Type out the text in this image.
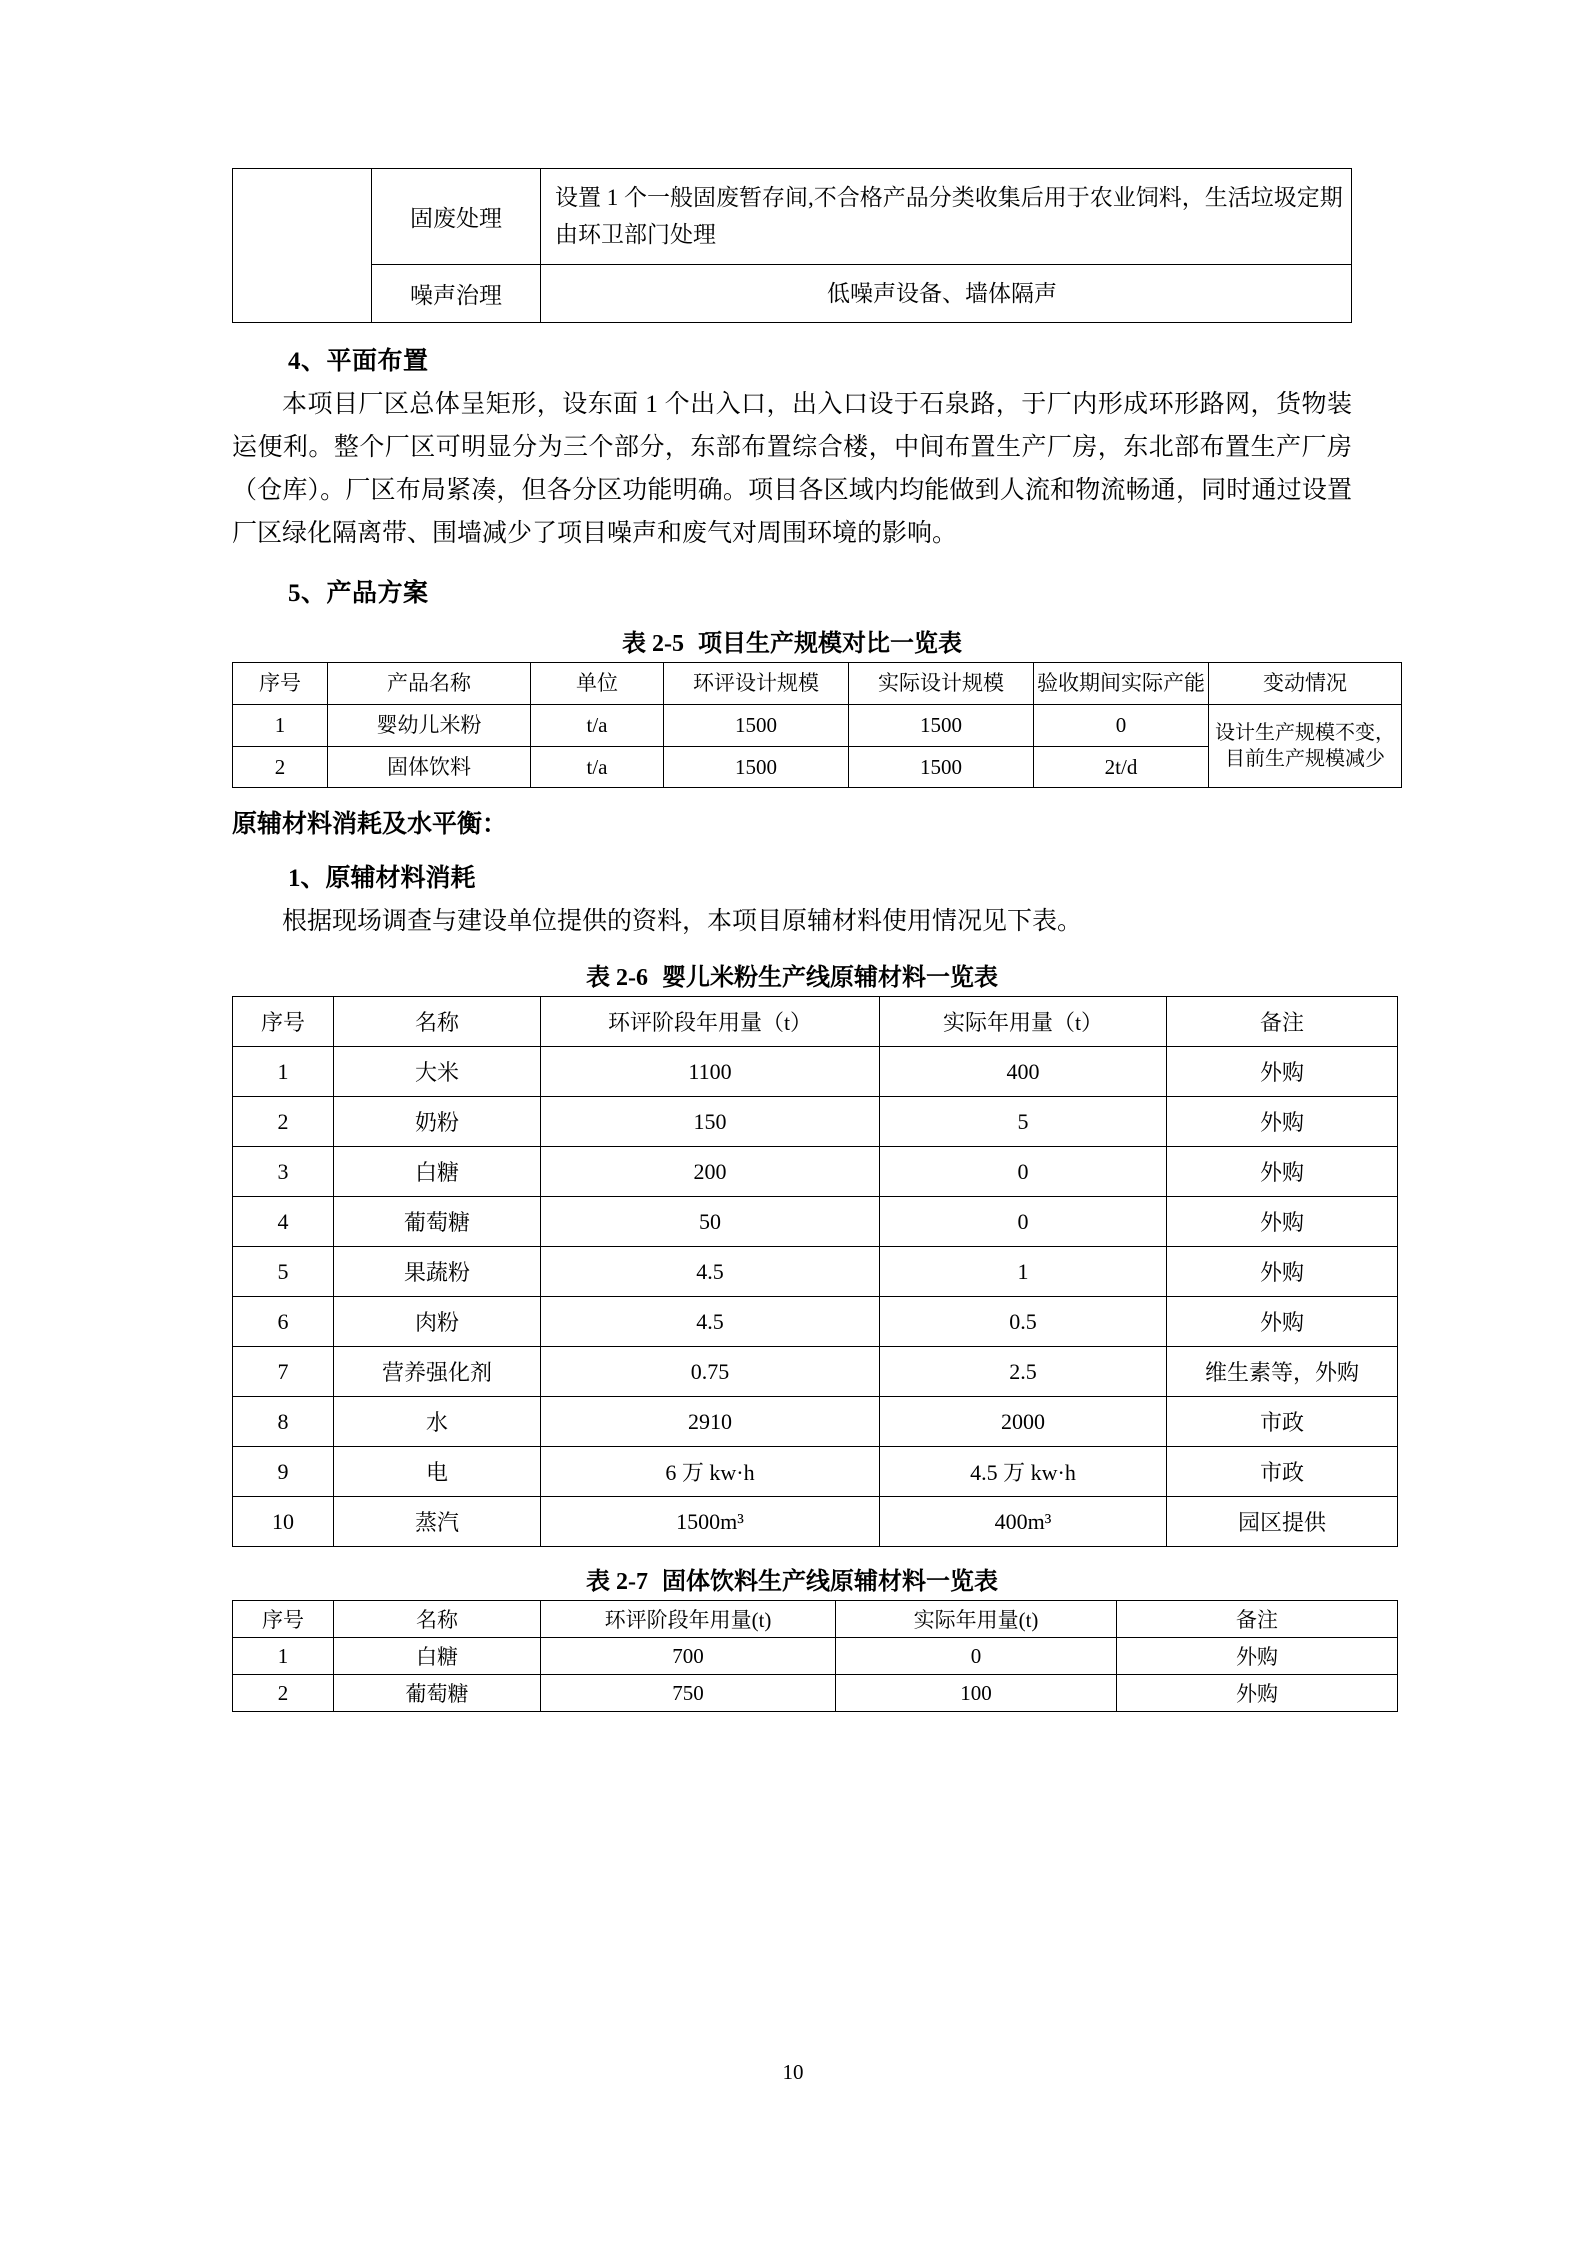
	固废处理	设置 1 个一般固废暂存间,不合格产品分类收集后用于农业饲料，生活垃圾定期由环卫部门处理
	噪声治理	低噪声设备、墙体隔声
4、平面布置

本项目厂区总体呈矩形，设东面 1 个出入口，出入口设于石泉路，于厂内形成环形路网，货物装运便利。整个厂区可明显分为三个部分，东部布置综合楼，中间布置生产厂房，东北部布置生产厂房（仓库）。厂区布局紧凑，但各分区功能明确。项目各区域内均能做到人流和物流畅通，同时通过设置厂区绿化隔离带、围墙减少了项目噪声和废气对周围环境的影响。

5、产品方案
表 2-5 项目生产规模对比一览表
序号	产品名称	单位	环评设计规模	实际设计规模	验收期间实际产能	变动情况
1	婴幼儿米粉	t/a	1500	1500	0	设计生产规模不变，目前生产规模减少
2	固体饮料	t/a	1500	1500	2t/d	
原辅材料消耗及水平衡：
1、原辅材料消耗

根据现场调查与建设单位提供的资料，本项目原辅材料使用情况见下表。

表 2-6 婴儿米粉生产线原辅材料一览表
序号	名称	环评阶段年用量（t）	实际年用量（t）	备注
1	大米	1100	400	外购
2	奶粉	150	5	外购
3	白糖	200	0	外购
4	葡萄糖	50	0	外购
5	果蔬粉	4.5	1	外购
6	肉粉	4.5	0.5	外购
7	营养强化剂	0.75	2.5	维生素等，外购
8	水	2910	2000	市政
9	电	6 万 kw·h	4.5 万 kw·h	市政
10	蒸汽	1500m³	400m³	园区提供
表 2-7 固体饮料生产线原辅材料一览表
序号	名称	环评阶段年用量(t)	实际年用量(t)	备注
1	白糖	700	0	外购
2	葡萄糖	750	100	外购
10
